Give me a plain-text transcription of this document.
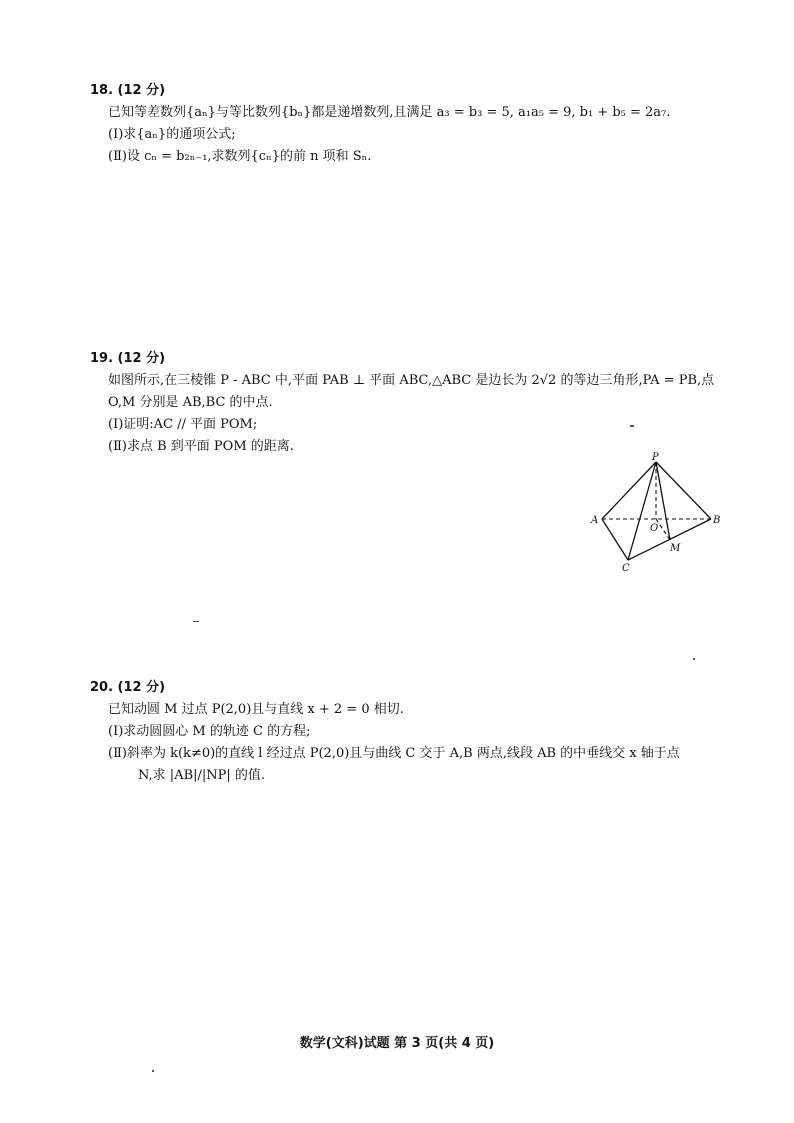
18. (12 分)
已知等差数列{aₙ}与等比数列{bₙ}都是递增数列,且满足 a₃ = b₃ = 5, a₁a₅ = 9, b₁ + b₅ = 2a₇.
(Ⅰ)求{aₙ}的通项公式;
(Ⅱ)设 cₙ = b₂ₙ₋₁,求数列{cₙ}的前 n 项和 Sₙ.
19. (12 分)
如图所示,在三棱锥 P - ABC 中,平面 PAB ⊥ 平面 ABC,△ABC 是边长为 2√2 的等边三角形,PA = PB,点
O,M 分别是 AB,BC 的中点.
(Ⅰ)证明:AC // 平面 POM;
(Ⅱ)求点 B 到平面 POM 的距离.
P
A	B
C
O
M
20. (12 分)
已知动圆 M 过点 P(2,0)且与直线 x + 2 = 0 相切.
(Ⅰ)求动圆圆心 M 的轨迹 C 的方程;
(Ⅱ)斜率为 k(k≠0)的直线 l 经过点 P(2,0)且与曲线 C 交于 A,B 两点,线段 AB 的中垂线交 x 轴于点
N,求 |AB|/|NP| 的值.
数学(文科)试题 第 3 页(共 4 页)
